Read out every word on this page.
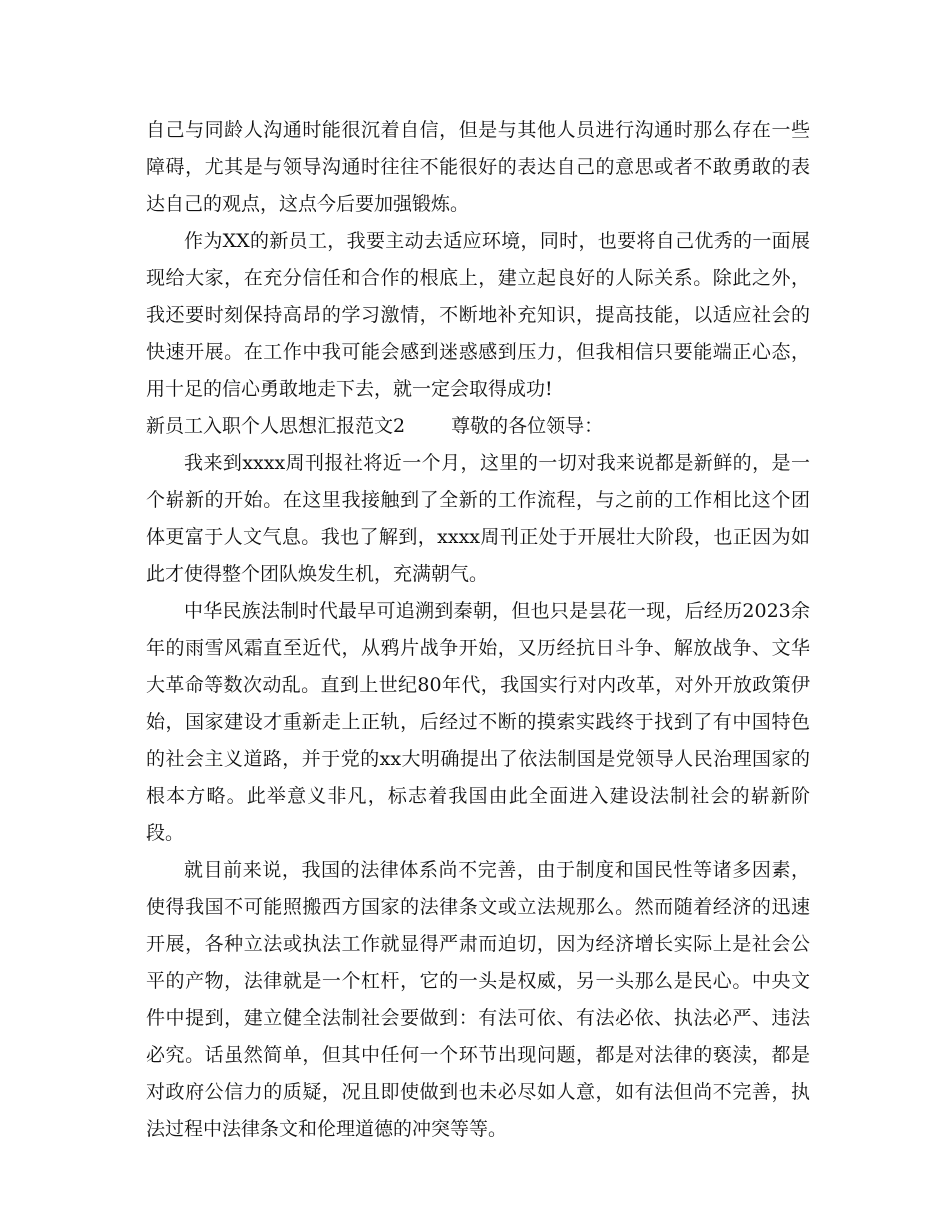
自己与同龄人沟通时能很沉着自信，但是与其他人员进行沟通时那么存在一些障碍，尤其是与领导沟通时往往不能很好的表达自己的意思或者不敢勇敢的表达自己的观点，这点今后要加强锻炼。

作为XX的新员工，我要主动去适应环境，同时，也要将自己优秀的一面展现给大家，在充分信任和合作的根底上，建立起良好的人际关系。除此之外，我还要时刻保持高昂的学习激情，不断地补充知识，提高技能，以适应社会的快速开展。在工作中我可能会感到迷惑感到压力，但我相信只要能端正心态，用十足的信心勇敢地走下去，就一定会取得成功!

新员工入职个人思想汇报范文2 尊敬的各位领导：

我来到xxxx周刊报社将近一个月，这里的一切对我来说都是新鲜的，是一个崭新的开始。在这里我接触到了全新的工作流程，与之前的工作相比这个团体更富于人文气息。我也了解到，xxxx周刊正处于开展壮大阶段，也正因为如此才使得整个团队焕发生机，充满朝气。

中华民族法制时代最早可追溯到秦朝，但也只是昙花一现，后经历2023余年的雨雪风霜直至近代，从鸦片战争开始，又历经抗日斗争、解放战争、文华大革命等数次动乱。直到上世纪80年代，我国实行对内改革，对外开放政策伊始，国家建设才重新走上正轨，后经过不断的摸索实践终于找到了有中国特色的社会主义道路，并于党的xx大明确提出了依法制国是党领导人民治理国家的根本方略。此举意义非凡，标志着我国由此全面进入建设法制社会的崭新阶段。

就目前来说，我国的法律体系尚不完善，由于制度和国民性等诸多因素，使得我国不可能照搬西方国家的法律条文或立法规那么。然而随着经济的迅速开展，各种立法或执法工作就显得严肃而迫切，因为经济增长实际上是社会公平的产物，法律就是一个杠杆，它的一头是权威，另一头那么是民心。中央文件中提到，建立健全法制社会要做到：有法可依、有法必依、执法必严、违法必究。话虽然简单，但其中任何一个环节出现问题，都是对法律的亵渎，都是对政府公信力的质疑，况且即使做到也未必尽如人意，如有法但尚不完善，执法过程中法律条文和伦理道德的冲突等等。
